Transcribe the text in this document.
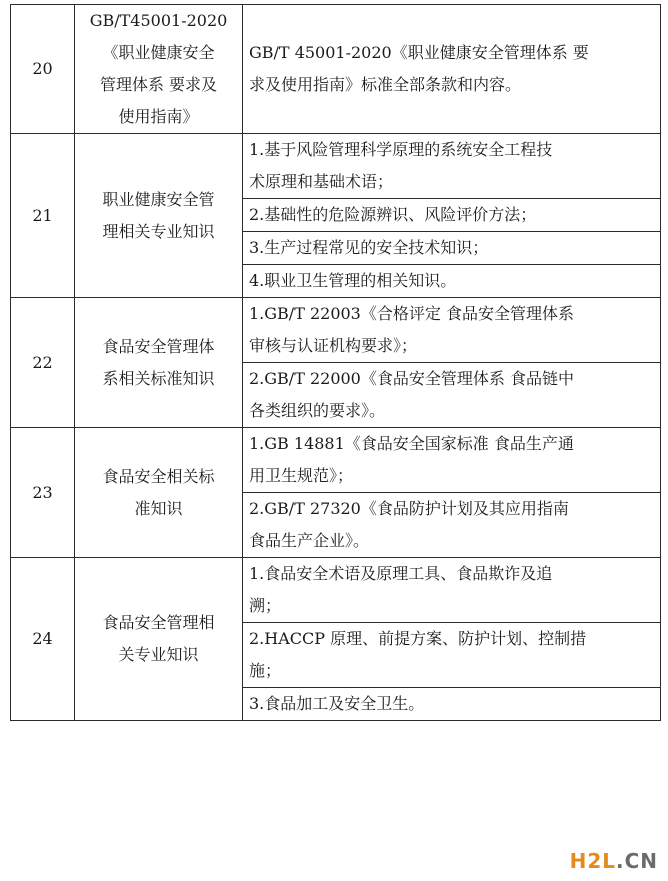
20	GB/T45001-2020
《职业健康安全
管理体系 要求及
使用指南》	GB/T 45001-2020《职业健康安全管理体系 要
求及使用指南》标准全部条款和内容。

21	职业健康安全管
理相关专业知识	1.基于风险管理科学原理的系统安全工程技
术原理和基础术语；

		2.基础性的危险源辨识、风险评价方法；

		3.生产过程常见的安全技术知识；

		4.职业卫生管理的相关知识。

22	食品安全管理体
系相关标准知识	1.GB/T 22003《合格评定 食品安全管理体系
审核与认证机构要求》；

		2.GB/T 22000《食品安全管理体系 食品链中
各类组织的要求》。

23	食品安全相关标
准知识	1.GB 14881《食品安全国家标准 食品生产通
用卫生规范》；

		2.GB/T 27320《食品防护计划及其应用指南
食品生产企业》。

24	食品安全管理相
关专业知识	1.食品安全术语及原理工具、食品欺诈及追
溯；

		2.HACCP 原理、前提方案、防护计划、控制措
施；

		3.食品加工及安全卫生。
H2L.CN
